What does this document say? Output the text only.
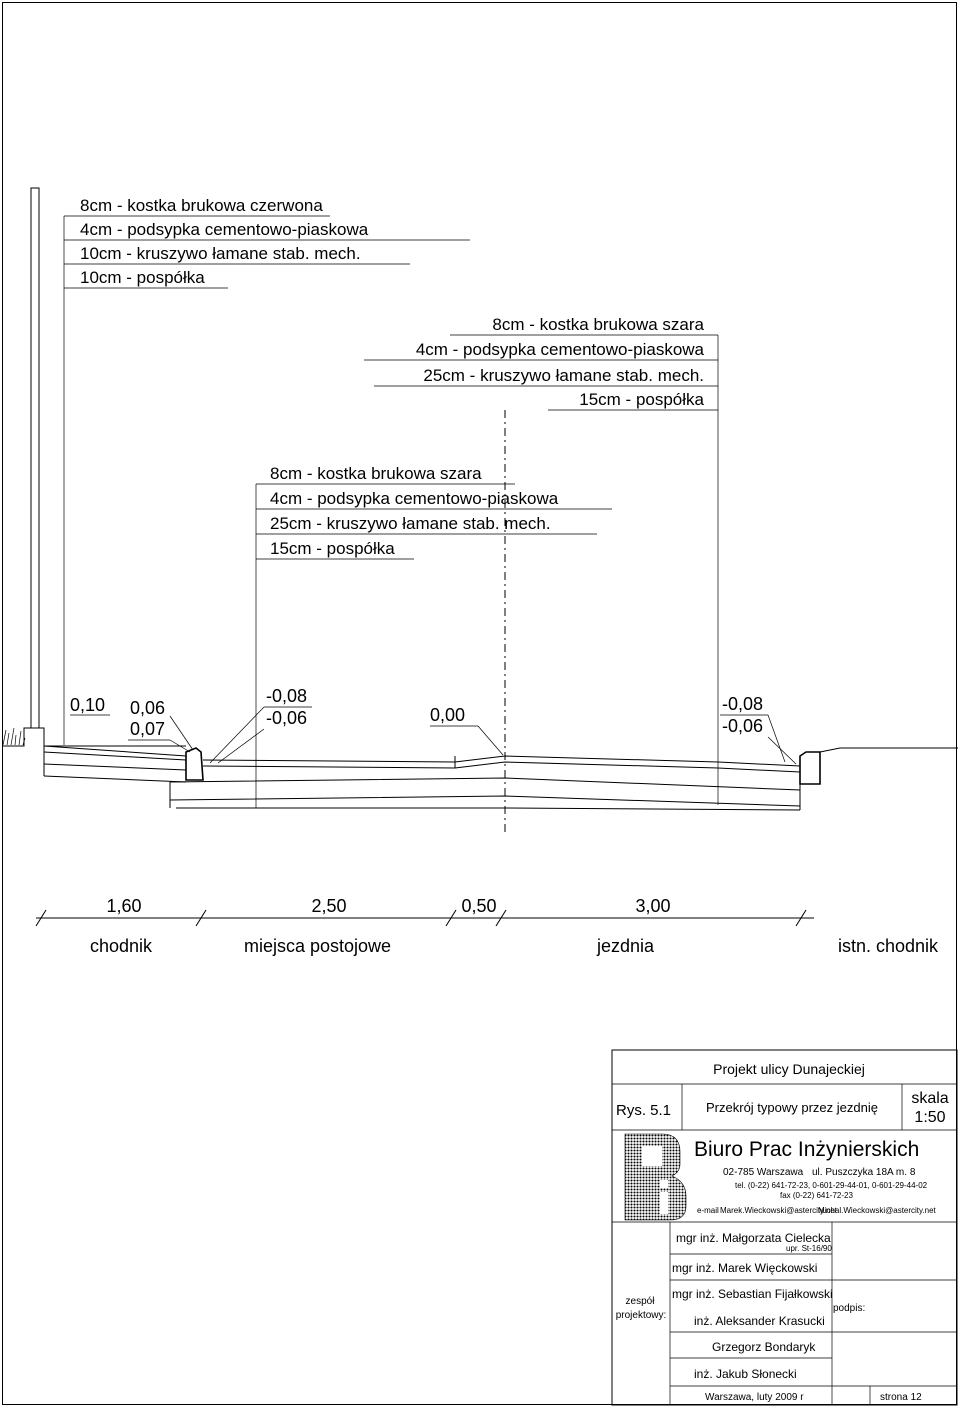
8cm - kostka brukowa czerwona
4cm - podsypka cementowo-piaskowa
10cm - kruszywo łamane stab. mech.
10cm - pospółka
8cm - kostka brukowa szara
4cm - podsypka cementowo-piaskowa
25cm - kruszywo łamane stab. mech.
15cm - pospółka
8cm - kostka brukowa szara
4cm - podsypka cementowo-piaskowa
25cm - kruszywo łamane stab. mech.
15cm - pospółka
0,10 0,06
0,07
-0,08
-0,06	0,00
-0,08
-0,06
1,60	2,50	0,50	3,00
chodnik	miejsca postojowe	jezdnia	istn. chodnik
Projekt ulicy Dunajeckiej
Rys. 5.1	Przekrój typowy przez jezdnię
skala
1:50
Biuro Prac Inżynierskich
02-785 Warszawa ul. Puszczyka 18A m. 8
tel. (0-22) 641-72-23, 0-601-29-44-01, 0-601-29-44-02
fax (0-22) 641-72-23
e-mail Marek.Wieckowski@astercity.net
Michal.Wieckowski@astercity.net
mgr inż. Małgorzata Cielecka
upr. St-16/90
mgr inż. Marek Więckowski
zespół
projektowy:
mgr inż. Sebastian Fijałkowski
inż. Aleksander Krasucki
podpis:
Grzegorz Bondaryk
inż. Jakub Słonecki
Warszawa, luty 2009 r	strona 12
